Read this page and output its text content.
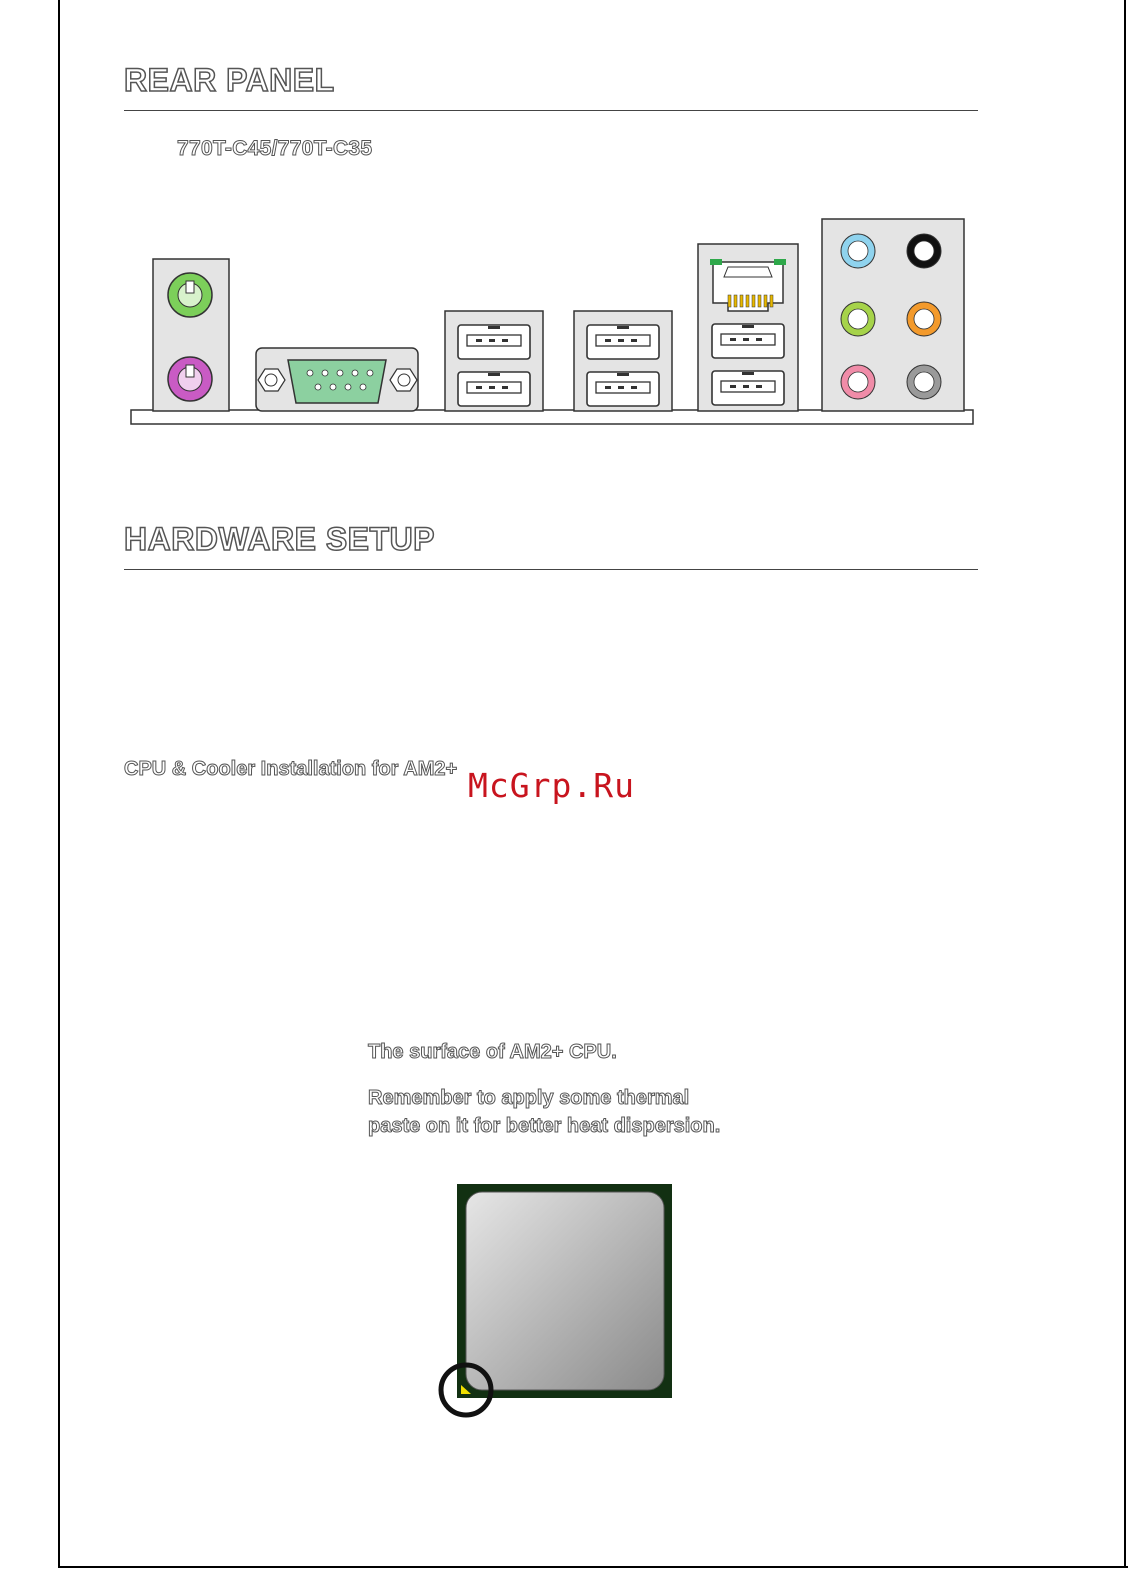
REAR PANEL
770T-C45/770T-C35
HARDWARE SETUP
CPU & Cooler Installation for AM2+ McGrp.Ru
The surface of AM2+ CPU.
Remember to apply some thermal
paste on it for better heat dispersion.
